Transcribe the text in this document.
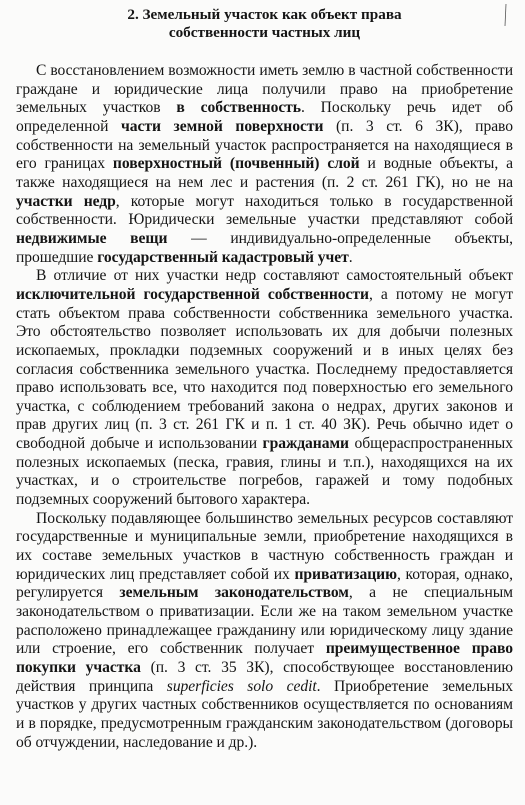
2. Земельный участок как объект права
собственности частных лиц

С восстановлением возможности иметь землю в частной собственности граждане и юридические лица получили право на приобретение земельных участков в собственность. Поскольку речь идет об определенной части земной поверхности (п. 3 ст. 6 ЗК), право собственности на земельный участок распространяется на находящиеся в его границах поверхностный (почвенный) слой и водные объекты, а также находящиеся на нем лес и растения (п. 2 ст. 261 ГК), но не на участки недр, которые могут находиться только в государственной собственности. Юридически земельные участки представляют собой недвижимые вещи — индивидуально-определенные объекты, прошедшие государственный кадастровый учет.

В отличие от них участки недр составляют самостоятельный объект исключительной государственной собственности, а потому не могут стать объектом права собственности собственника земельного участка. Это обстоятельство позволяет использовать их для добычи полезных ископаемых, прокладки подземных сооружений и в иных целях без согласия собственника земельного участка. Последнему предоставляется право использовать все, что находится под поверхностью его земельного участка, с соблюдением требований закона о недрах, других законов и прав других лиц (п. 3 ст. 261 ГК и п. 1 ст. 40 ЗК). Речь обычно идет о свободной добыче и использовании гражданами общераспространенных полезных ископаемых (песка, гравия, глины и т.п.), находящихся на их участках, и о строительстве погребов, гаражей и тому подобных подземных сооружений бытового характера.

Поскольку подавляющее большинство земельных ресурсов составляют государственные и муниципальные земли, приобретение находящихся в их составе земельных участков в частную собственность граждан и юридических лиц представляет собой их приватизацию, которая, однако, регулируется земельным законодательством, а не специальным законодательством о приватизации. Если же на таком земельном участке расположено принадлежащее гражданину или юридическому лицу здание или строение, его собственник получает преимущественное право покупки участка (п. 3 ст. 35 ЗК), способствующее восстановлению действия принципа superficies solo cedit. Приобретение земельных участков у других частных собственников осуществляется по основаниям и в порядке, предусмотренным гражданским законодательством (договоры об отчуждении, наследование и др.).
